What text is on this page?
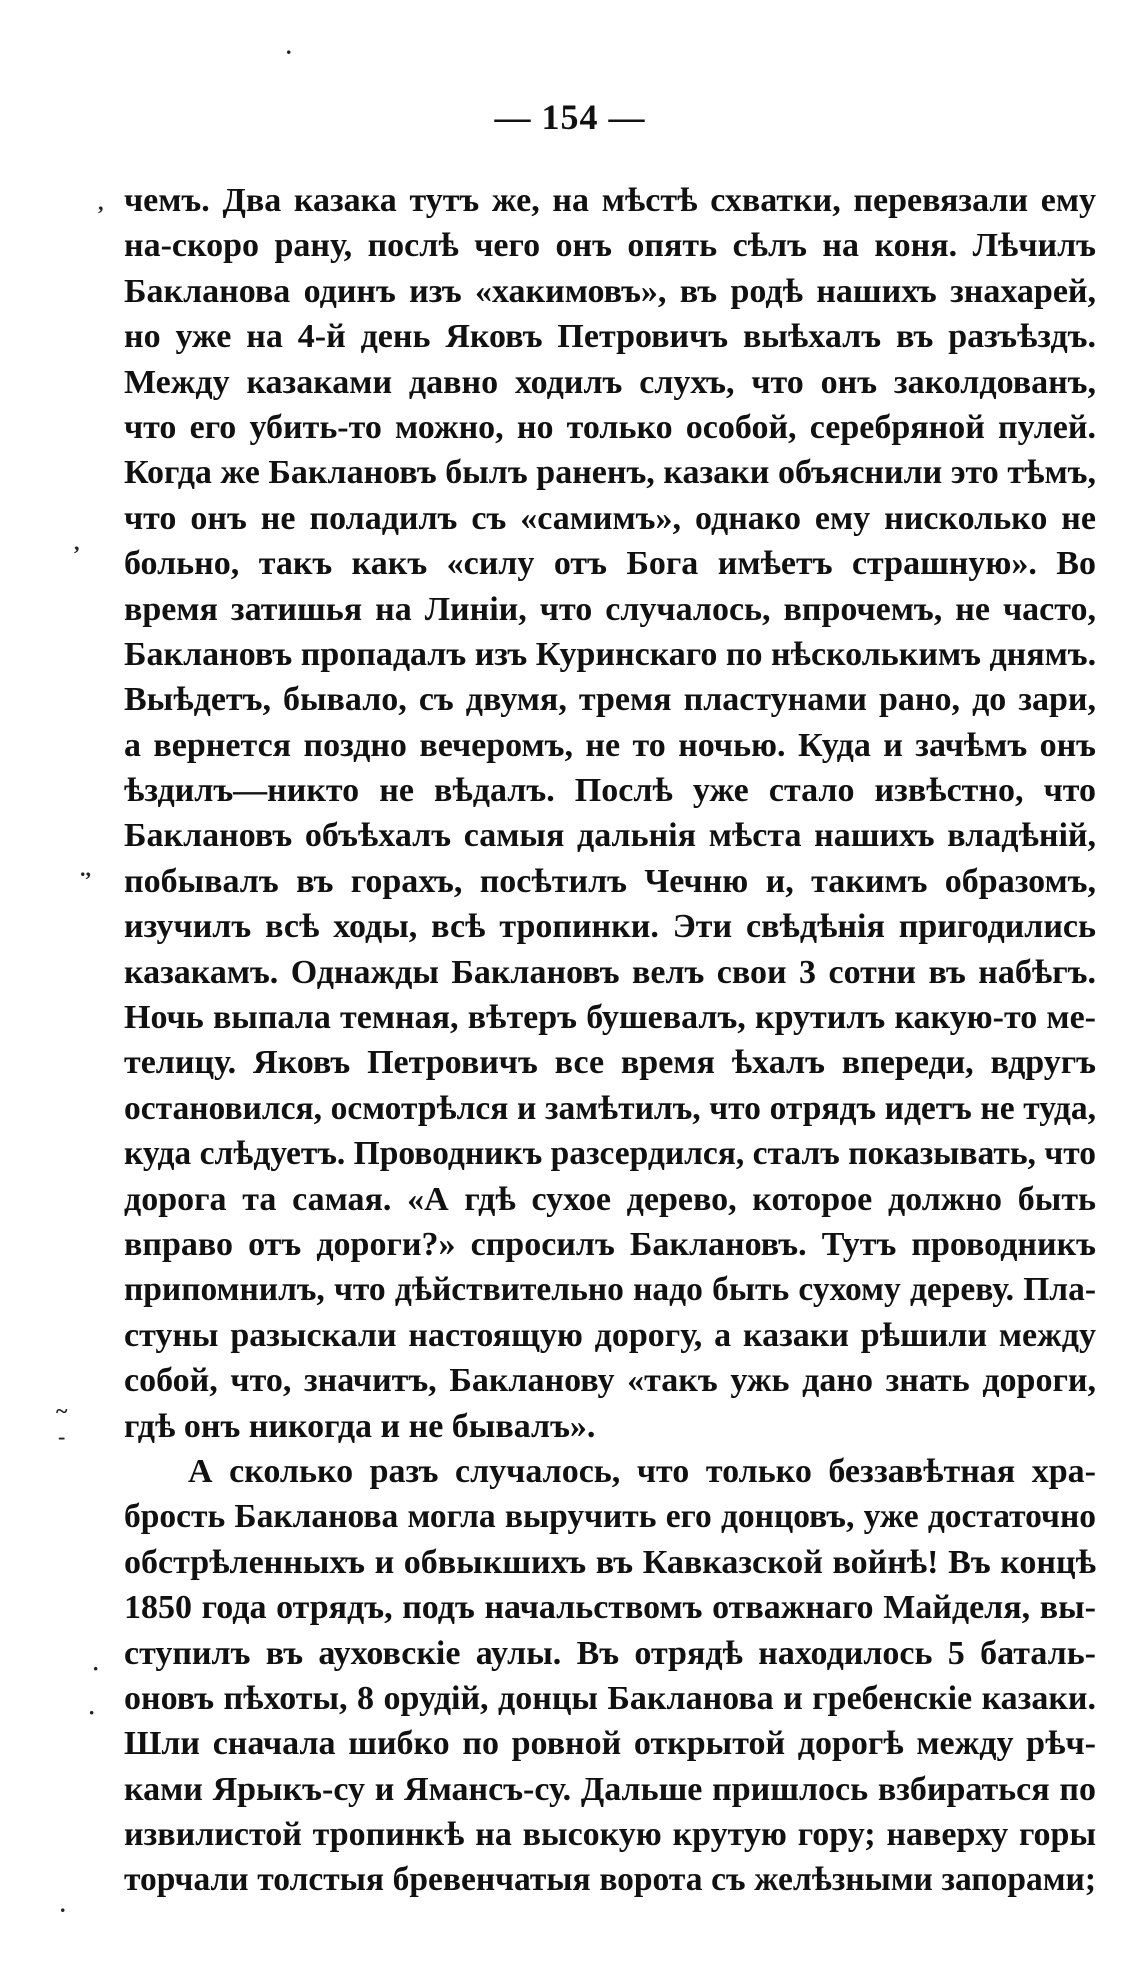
— 154 —
чемъ. Два казака тутъ же, на мѣстѣ схватки, перевязали ему
на-скоро рану, послѣ чего онъ опять сѣлъ на коня. Лѣчилъ
Бакланова одинъ изъ «хакимовъ», въ родѣ нашихъ знахарей,
но уже на 4-й день Яковъ Петровичъ выѣхалъ въ разъѣздъ.
Между казаками давно ходилъ слухъ, что онъ заколдованъ,
что его убить-то можно, но только особой, серебряной пулей.
Когда же Баклановъ былъ раненъ, казаки объяснили это тѣмъ,
что онъ не поладилъ съ «самимъ», однако ему нисколько не
больно, такъ какъ «силу отъ Бога имѣетъ страшную». Во
время затишья на Линіи, что случалось, впрочемъ, не часто,
Баклановъ пропадалъ изъ Куринскаго по нѣсколькимъ днямъ.
Выѣдетъ, бывало, съ двумя, тремя пластунами рано, до зари,
а вернется поздно вечеромъ, не то ночью. Куда и зачѣмъ онъ
ѣздилъ—никто не вѣдалъ. Послѣ уже стало извѣстно, что
Баклановъ объѣхалъ самыя дальнія мѣста нашихъ владѣній,
побывалъ въ горахъ, посѣтилъ Чечню и, такимъ образомъ,
изучилъ всѣ ходы, всѣ тропинки. Эти свѣдѣнія пригодились
казакамъ. Однажды Баклановъ велъ свои 3 сотни въ набѣгъ.
Ночь выпала темная, вѣтеръ бушевалъ, крутилъ какую-то ме-
телицу. Яковъ Петровичъ все время ѣхалъ впереди, вдругъ
остановился, осмотрѣлся и замѣтилъ, что отрядъ идетъ не туда,
куда слѣдуетъ. Проводникъ разсердился, сталъ показывать, что
дорога та самая. «А гдѣ сухое дерево, которое должно быть
вправо отъ дороги?» спросилъ Баклановъ. Тутъ проводникъ
припомнилъ, что дѣйствительно надо быть сухому дереву. Пла-
стуны разыскали настоящую дорогу, а казаки рѣшили между
собой, что, значитъ, Бакланову «такъ ужь дано знать дороги,
гдѣ онъ никогда и не бывалъ».
А сколько разъ случалось, что только беззавѣтная хра-
брость Бакланова могла выручить его донцовъ, уже достаточно
обстрѣленныхъ и обвыкшихъ въ Кавказской войнѣ! Въ концѣ
1850 года отрядъ, подъ начальствомъ отважнаго Майделя, вы-
ступилъ въ ауховскіе аулы. Въ отрядѣ находилось 5 баталь-
оновъ пѣхоты, 8 орудій, донцы Бакланова и гребенскіе казаки.
Шли сначала шибко по ровной открытой дорогѣ между рѣч-
ками Ярыкъ-су и Ямансъ-су. Дальше пришлось взбираться по
извилистой тропинкѣ на высокую крутую гору; наверху горы
торчали толстыя бревенчатыя ворота съ желѣзными запорами;
,
,
.,
~
-
·
·
.
.
